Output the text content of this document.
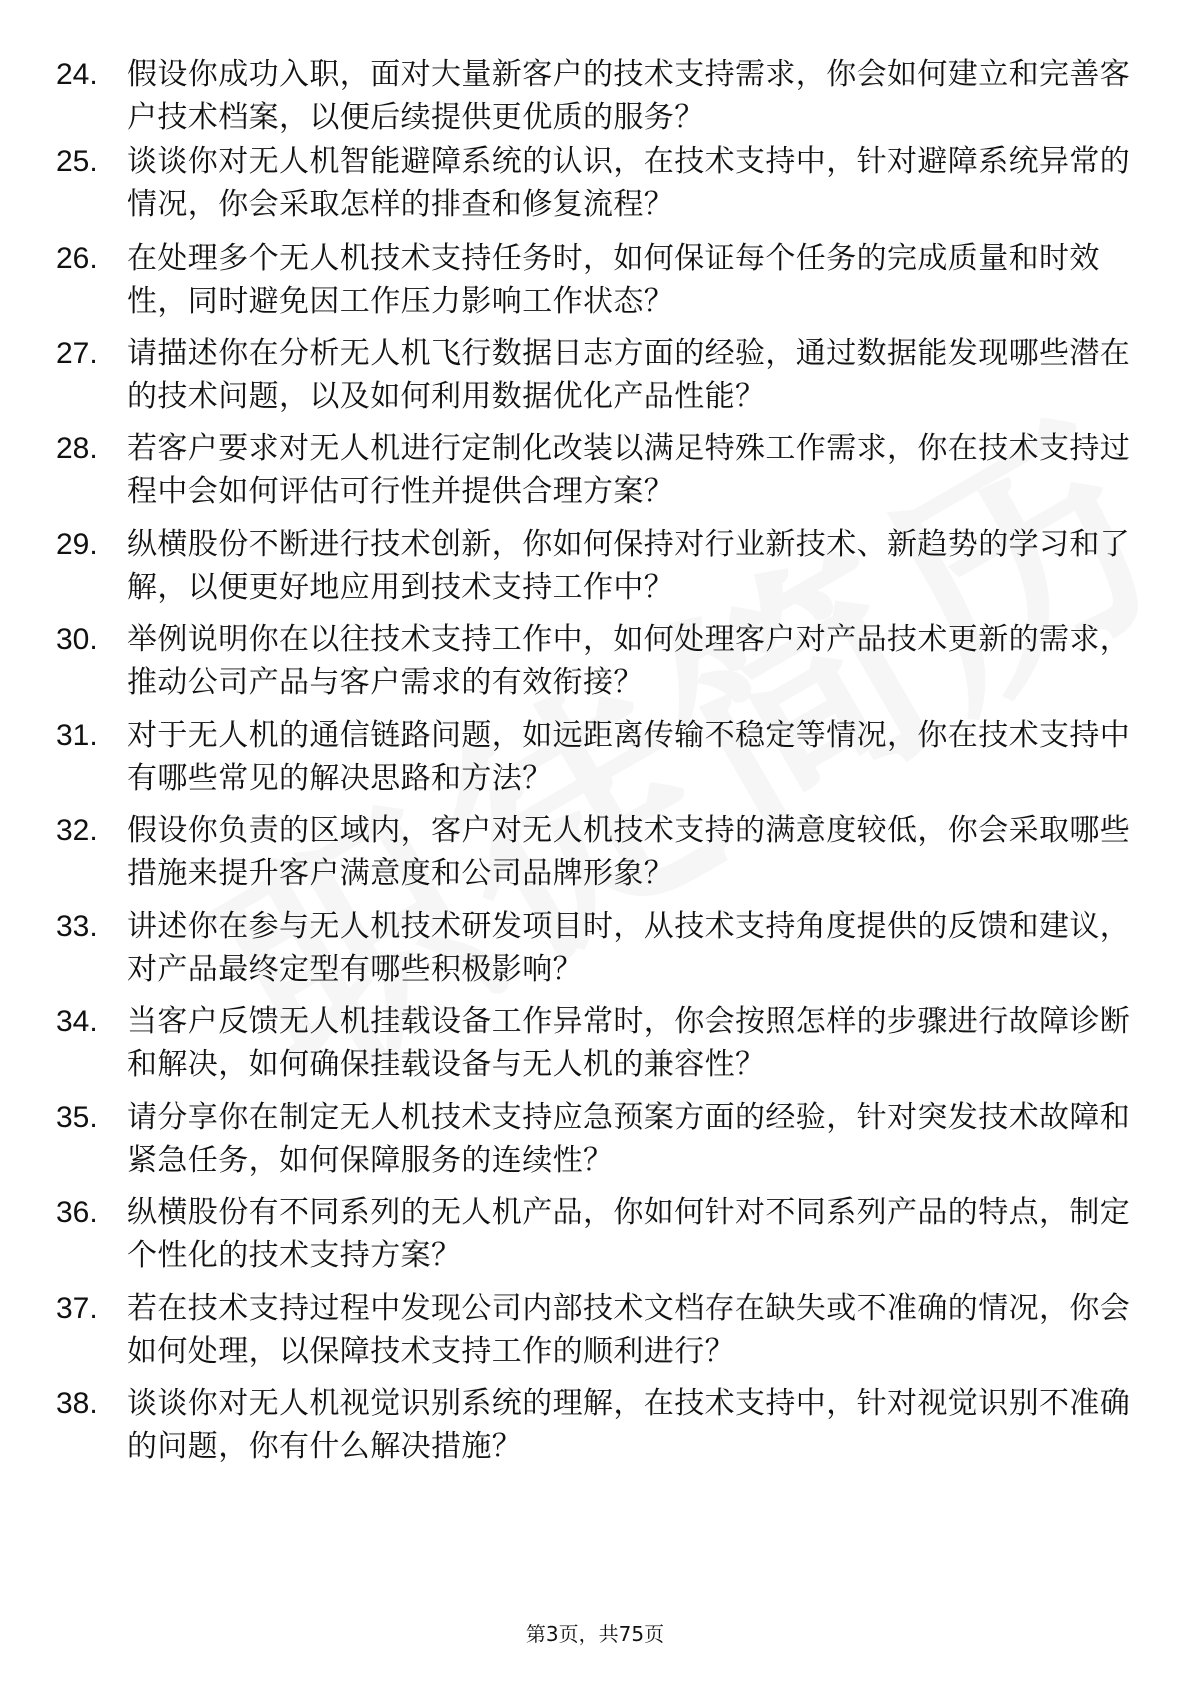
24. 假设你成功入职，面对大量新客户的技术支持需求，你会如何建立和完善客户技术档案，以便后续提供更优质的服务？
25. 谈谈你对无人机智能避障系统的认识，在技术支持中，针对避障系统异常的情况，你会采取怎样的排查和修复流程？
26. 在处理多个无人机技术支持任务时，如何保证每个任务的完成质量和时效性，同时避免因工作压力影响工作状态？
27. 请描述你在分析无人机飞行数据日志方面的经验，通过数据能发现哪些潜在的技术问题，以及如何利用数据优化产品性能？
28. 若客户要求对无人机进行定制化改装以满足特殊工作需求，你在技术支持过程中会如何评估可行性并提供合理方案？
29. 纵横股份不断进行技术创新，你如何保持对行业新技术、新趋势的学习和了解，以便更好地应用到技术支持工作中？
30. 举例说明你在以往技术支持工作中，如何处理客户对产品技术更新的需求，推动公司产品与客户需求的有效衔接？
31. 对于无人机的通信链路问题，如远距离传输不稳定等情况，你在技术支持中有哪些常见的解决思路和方法？
32. 假设你负责的区域内，客户对无人机技术支持的满意度较低，你会采取哪些措施来提升客户满意度和公司品牌形象？
33. 讲述你在参与无人机技术研发项目时，从技术支持角度提供的反馈和建议，对产品最终定型有哪些积极影响？
34. 当客户反馈无人机挂载设备工作异常时，你会按照怎样的步骤进行故障诊断和解决，如何确保挂载设备与无人机的兼容性？
35. 请分享你在制定无人机技术支持应急预案方面的经验，针对突发技术故障和紧急任务，如何保障服务的连续性？
36. 纵横股份有不同系列的无人机产品，你如何针对不同系列产品的特点，制定个性化的技术支持方案？
37. 若在技术支持过程中发现公司内部技术文档存在缺失或不准确的情况，你会如何处理，以保障技术支持工作的顺利进行？
38. 谈谈你对无人机视觉识别系统的理解，在技术支持中，针对视觉识别不准确的问题，你有什么解决措施？
第3页，共75页
